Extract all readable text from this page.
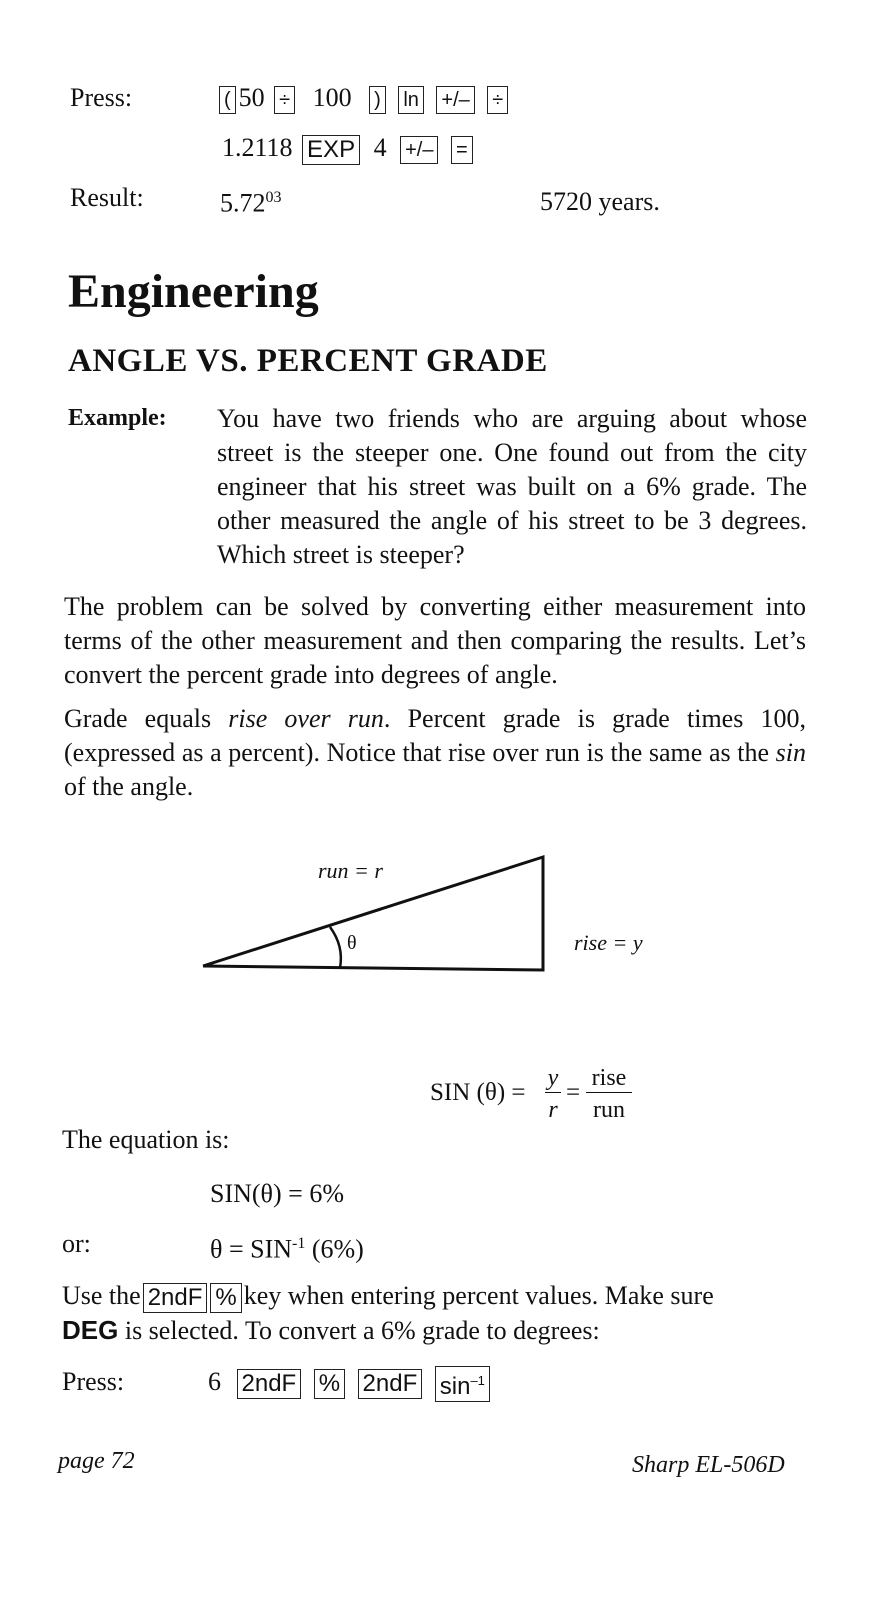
Press:	( 50 ÷ 100 ) ln +/– ÷
1.2118 EXP 4 +/– =
Result:	5.72$^{03}$	5720 years.
Engineering
ANGLE VS. PERCENT GRADE
Example: You have two friends who are arguing about whose street is the steeper one. One found out from the city engineer that his street was built on a 6% grade. The other measured the angle of his street to be 3 degrees. Which street is steeper?
The problem can be solved by converting either measurement into terms of the other measurement and then comparing the results. Let’s convert the percent grade into degrees of angle.
Grade equals rise over run. Percent grade is grade times 100, (expressed as a percent). Notice that rise over run is the same as the sin of the angle.
run = r
θ	rise = y
SIN (θ) =
y
r
=
rise
run
The equation is:
SIN(θ) = 6%
or:	$\theta = SIN^{-1}$ (6%)
Use the 2ndF % key when entering percent values. Make sure
DEG is selected. To convert a 6% grade to degrees:
Press:	6 2ndF % 2ndF $\sin^{-1}$
page 72	Sharp EL-506D
